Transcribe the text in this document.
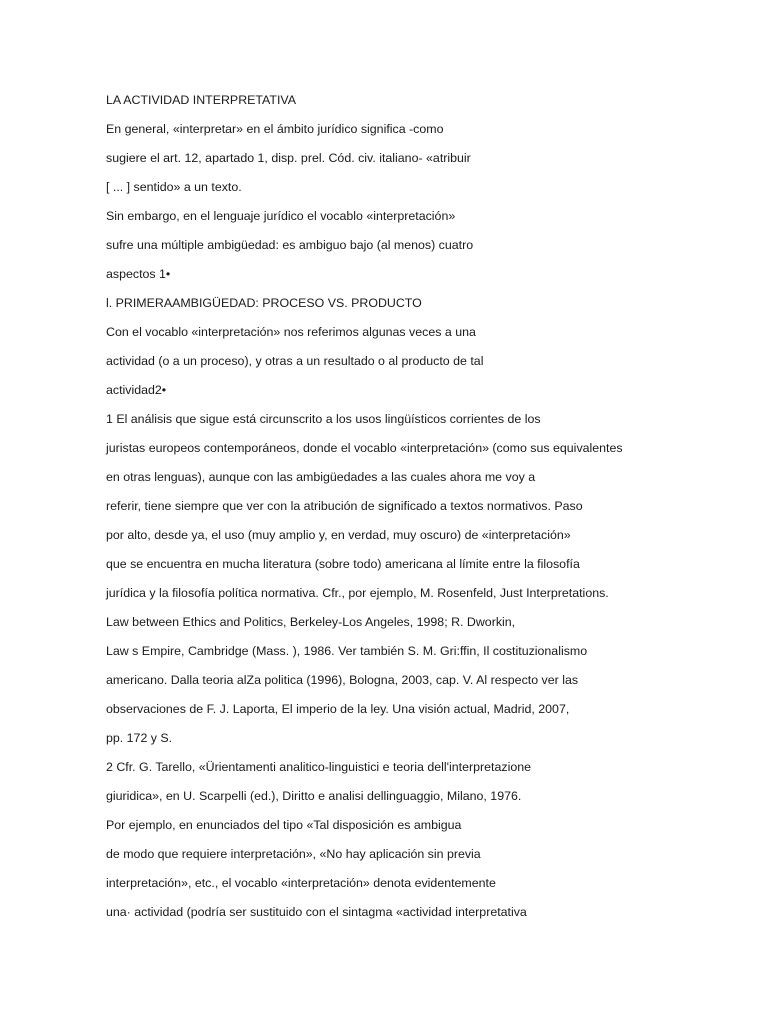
LA ACTIVIDAD INTERPRETATIVA
En general, «interpretar» en el ámbito jurídico significa -como
sugiere el art. 12, apartado 1, disp. prel. Cód. civ. italiano- «atribuir
[ ... ] sentido» a un texto.
Sin embargo, en el lenguaje jurídico el vocablo «interpretación»
sufre una múltiple ambigüedad: es ambiguo bajo (al menos) cuatro
aspectos 1•
l. PRIMERAAMBIGÜEDAD: PROCESO VS. PRODUCTO
Con el vocablo «interpretación» nos referimos algunas veces a una
actividad (o a un proceso), y otras a un resultado o al producto de tal
actividad2•
1 El análisis que sigue está circunscrito a los usos lingüísticos corrientes de los
juristas europeos contemporáneos, donde el vocablo «interpretación» (como sus equivalentes
en otras lenguas), aunque con las ambigüedades a las cuales ahora me voy a
referir, tiene siempre que ver con la atribución de significado a textos normativos. Paso
por alto, desde ya, el uso (muy amplio y, en verdad, muy oscuro) de «interpretación»
que se encuentra en mucha literatura (sobre todo) americana al límite entre la filosofía
jurídica y la filosofía política normativa. Cfr., por ejemplo, M. Rosenfeld, Just Interpretations.
Law between Ethics and Politics, Berkeley-Los Angeles, 1998; R. Dworkin,
Law s Empire, Cambridge (Mass. ), 1986. Ver también S. M. Gri:ffin, Il costituzionalismo
americano. Dalla teoria alZa politica (1996), Bologna, 2003, cap. V. Al respecto ver las
observaciones de F. J. Laporta, El imperio de la ley. Una visión actual, Madrid, 2007,
pp. 172 y S.
2 Cfr. G. Tarello, «Ürientamenti analitico-linguistici e teoria dell'interpretazione
giuridica», en U. Scarpelli (ed.), Diritto e analisi dellinguaggio, Milano, 1976.
Por ejemplo, en enunciados del tipo «Tal disposición es ambigua
de modo que requiere interpretación», «No hay aplicación sin previa
interpretación», etc., el vocablo «interpretación» denota evidentemente
una· actividad (podría ser sustituido con el sintagma «actividad interpretativa
